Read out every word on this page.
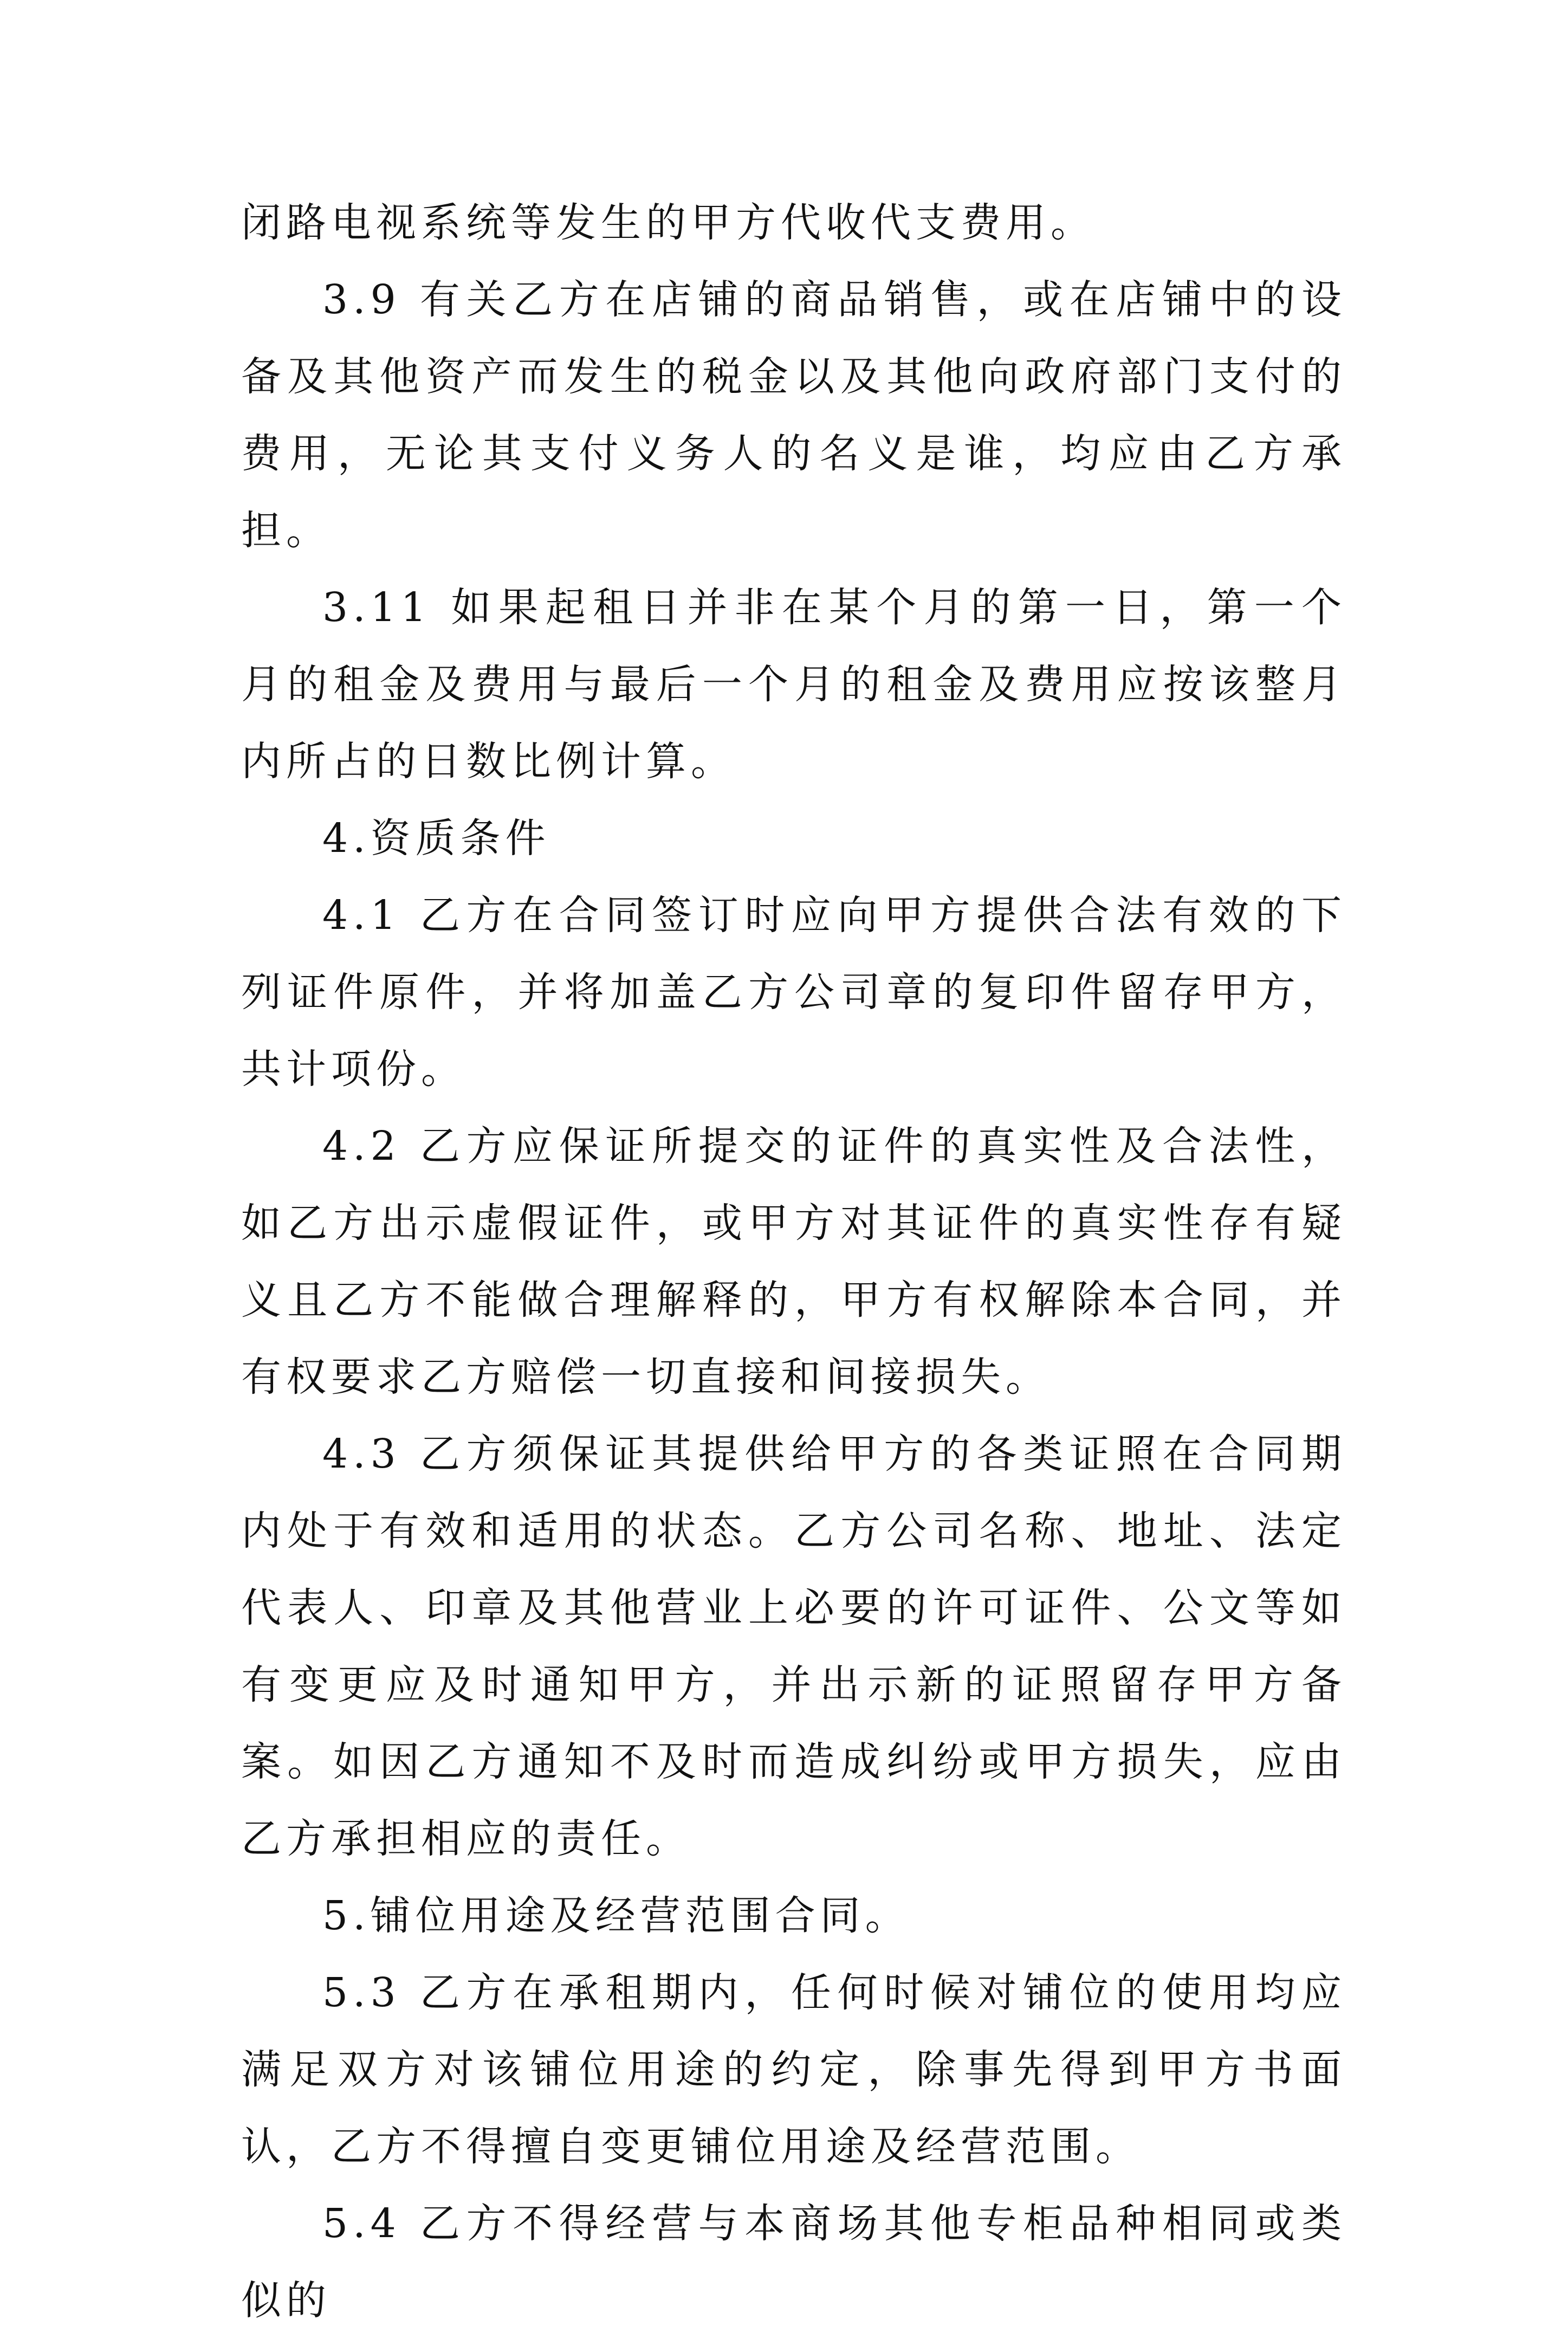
闭路电视系统等发生的甲方代收代支费用。

3.9 有关乙方在店铺的商品销售，或在店铺中的设备及其他资产而发生的税金以及其他向政府部门支付的费用，无论其支付义务人的名义是谁，均应由乙方承担。

3.11 如果起租日并非在某个月的第一日，第一个月的租金及费用与最后一个月的租金及费用应按该整月内所占的日数比例计算。

4.资质条件

4.1 乙方在合同签订时应向甲方提供合法有效的下列证件原件，并将加盖乙方公司章的复印件留存甲方，共计项份。

4.2 乙方应保证所提交的证件的真实性及合法性，如乙方出示虚假证件，或甲方对其证件的真实性存有疑义且乙方不能做合理解释的，甲方有权解除本合同，并有权要求乙方赔偿一切直接和间接损失。

4.3 乙方须保证其提供给甲方的各类证照在合同期内处于有效和适用的状态。乙方公司名称、地址、法定代表人、印章及其他营业上必要的许可证件、公文等如有变更应及时通知甲方，并出示新的证照留存甲方备案。如因乙方通知不及时而造成纠纷或甲方损失，应由乙方承担相应的责任。

5.铺位用途及经营范围合同。

5.3 乙方在承租期内，任何时候对铺位的使用均应满足双方对该铺位用途的约定，除事先得到甲方书面认，乙方不得擅自变更铺位用途及经营范围。

5.4 乙方不得经营与本商场其他专柜品种相同或类似的
